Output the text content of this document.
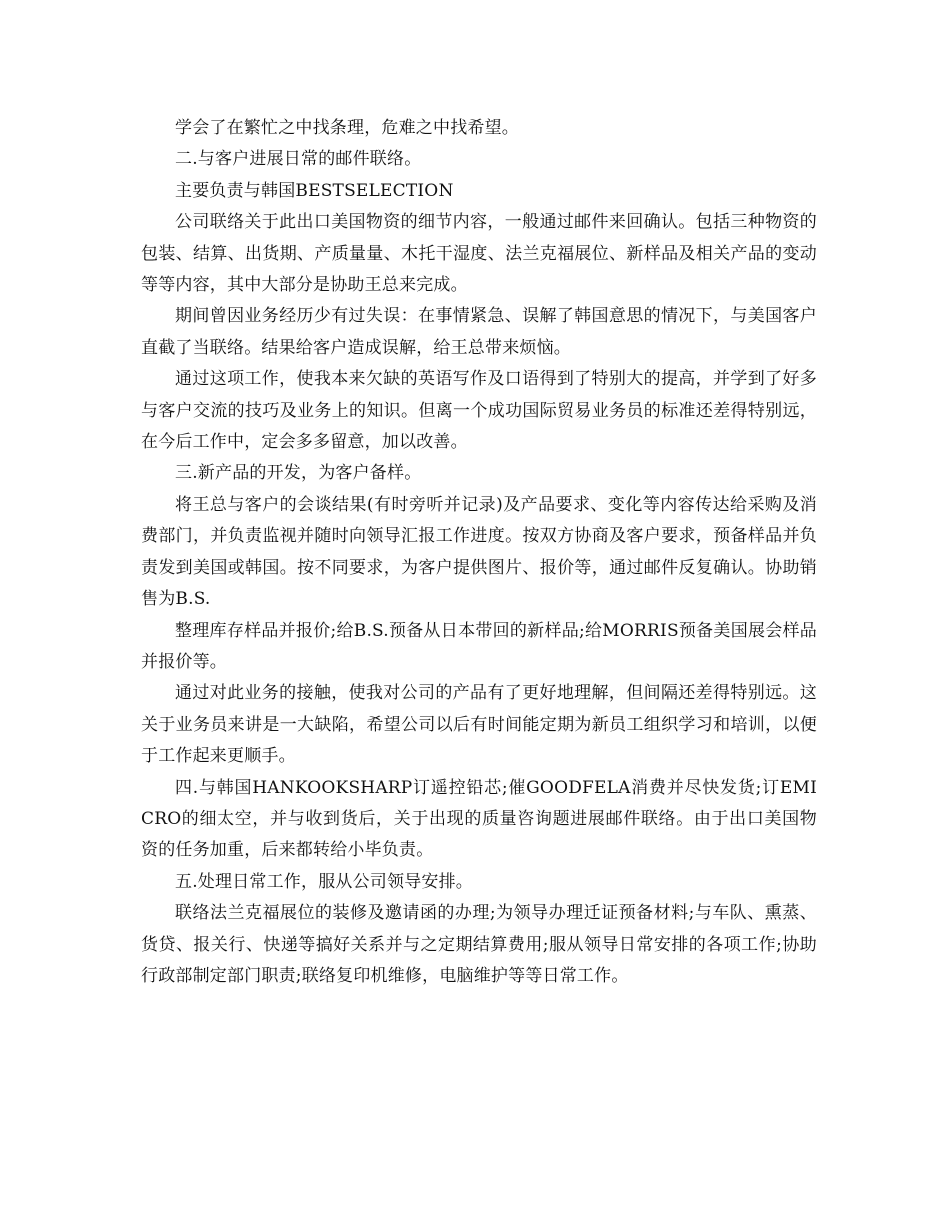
学会了在繁忙之中找条理，危难之中找希望。

二.与客户进展日常的邮件联络。

主要负责与韩国BESTSELECTION

公司联络关于此出口美国物资的细节内容，一般通过邮件来回确认。包括三种物资的包装、结算、出货期、产质量量、木托干湿度、法兰克福展位、新样品及相关产品的变动等等内容，其中大部分是协助王总来完成。

期间曾因业务经历少有过失误：在事情紧急、误解了韩国意思的情况下，与美国客户直截了当联络。结果给客户造成误解，给王总带来烦恼。

通过这项工作，使我本来欠缺的英语写作及口语得到了特别大的提高，并学到了好多与客户交流的技巧及业务上的知识。但离一个成功国际贸易业务员的标准还差得特别远，在今后工作中，定会多多留意，加以改善。

三.新产品的开发，为客户备样。

将王总与客户的会谈结果(有时旁听并记录)及产品要求、变化等内容传达给采购及消费部门，并负责监视并随时向领导汇报工作进度。按双方协商及客户要求，预备样品并负责发到美国或韩国。按不同要求，为客户提供图片、报价等，通过邮件反复确认。协助销售为B.S.

整理库存样品并报价;给B.S.预备从日本带回的新样品;给MORRIS预备美国展会样品并报价等。

通过对此业务的接触，使我对公司的产品有了更好地理解，但间隔还差得特别远。这关于业务员来讲是一大缺陷，希望公司以后有时间能定期为新员工组织学习和培训，以便于工作起来更顺手。

四.与韩国HANKOOKSHARP订遥控铅芯;催GOODFELA消费并尽快发货;订EMICRO的细太空，并与收到货后，关于出现的质量咨询题进展邮件联络。由于出口美国物资的任务加重，后来都转给小毕负责。

五.处理日常工作，服从公司领导安排。

联络法兰克福展位的装修及邀请函的办理;为领导办理迁证预备材料;与车队、熏蒸、货贷、报关行、快递等搞好关系并与之定期结算费用;服从领导日常安排的各项工作;协助行政部制定部门职责;联络复印机维修，电脑维护等等日常工作。
